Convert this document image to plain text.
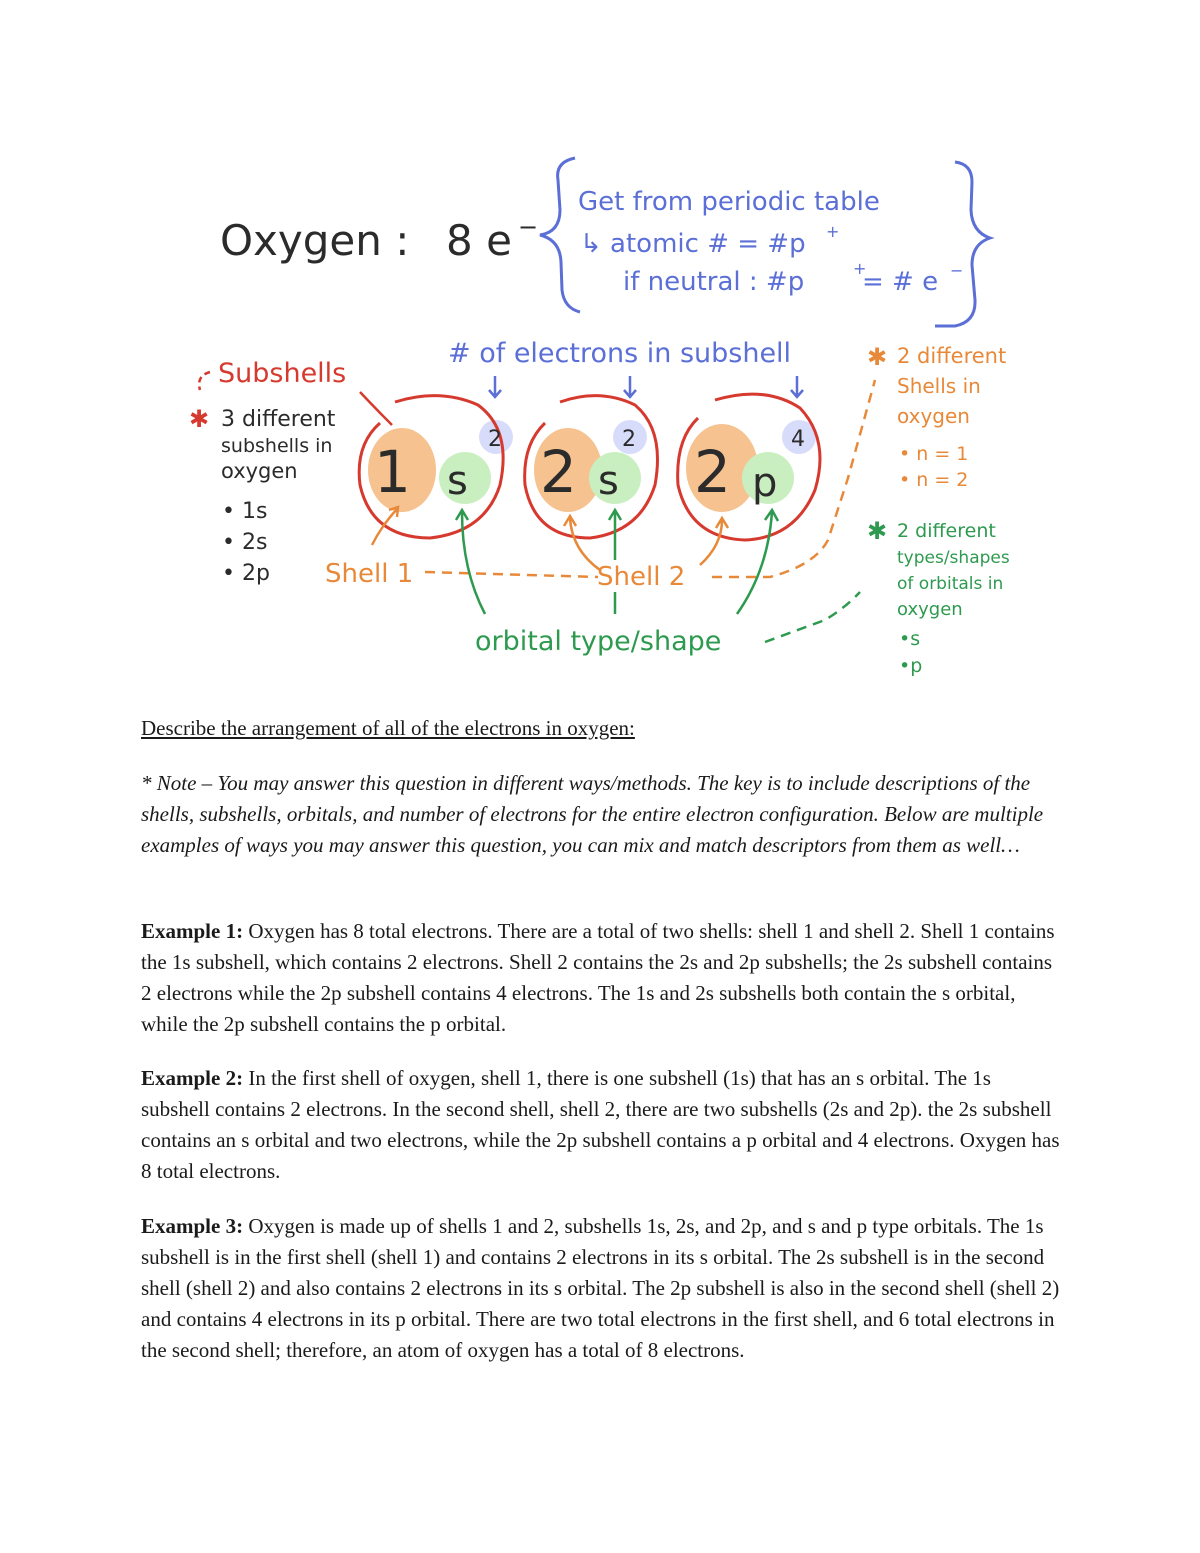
Oxygen : 8 e −
Get from periodic table
↳ atomic # = #p +
if neutral : #p	+
= # e −
# of electrons in subshell
Subshells
✱ 3 different
subshells in
oxygen
• 1s
• 2s
• 2p
1 s
2 2 s
2 2 p
4
Shell 1	Shell 2
orbital type/shape
✱ 2 different
Shells in
oxygen
• n = 1
• n = 2
✱ 2 different
types/shapes
of orbitals in
oxygen
•s
•p
Describe the arrangement of all of the electrons in oxygen:
* Note – You may answer this question in different ways/methods. The key is to include descriptions of the shells, subshells, orbitals, and number of electrons for the entire electron configuration. Below are multiple examples of ways you may answer this question, you can mix and match descriptors from them as well…
Example 1: Oxygen has 8 total electrons. There are a total of two shells: shell 1 and shell 2. Shell 1 contains the 1s subshell, which contains 2 electrons. Shell 2 contains the 2s and 2p subshells; the 2s subshell contains 2 electrons while the 2p subshell contains 4 electrons. The 1s and 2s subshells both contain the s orbital, while the 2p subshell contains the p orbital.
Example 2: In the first shell of oxygen, shell 1, there is one subshell (1s) that has an s orbital. The 1s subshell contains 2 electrons. In the second shell, shell 2, there are two subshells (2s and 2p). the 2s subshell contains an s orbital and two electrons, while the 2p subshell contains a p orbital and 4 electrons. Oxygen has 8 total electrons.
Example 3: Oxygen is made up of shells 1 and 2, subshells 1s, 2s, and 2p, and s and p type orbitals. The 1s subshell is in the first shell (shell 1) and contains 2 electrons in its s orbital. The 2s subshell is in the second shell (shell 2) and also contains 2 electrons in its s orbital. The 2p subshell is also in the second shell (shell 2) and contains 4 electrons in its p orbital. There are two total electrons in the first shell, and 6 total electrons in the second shell; therefore, an atom of oxygen has a total of 8 electrons.
